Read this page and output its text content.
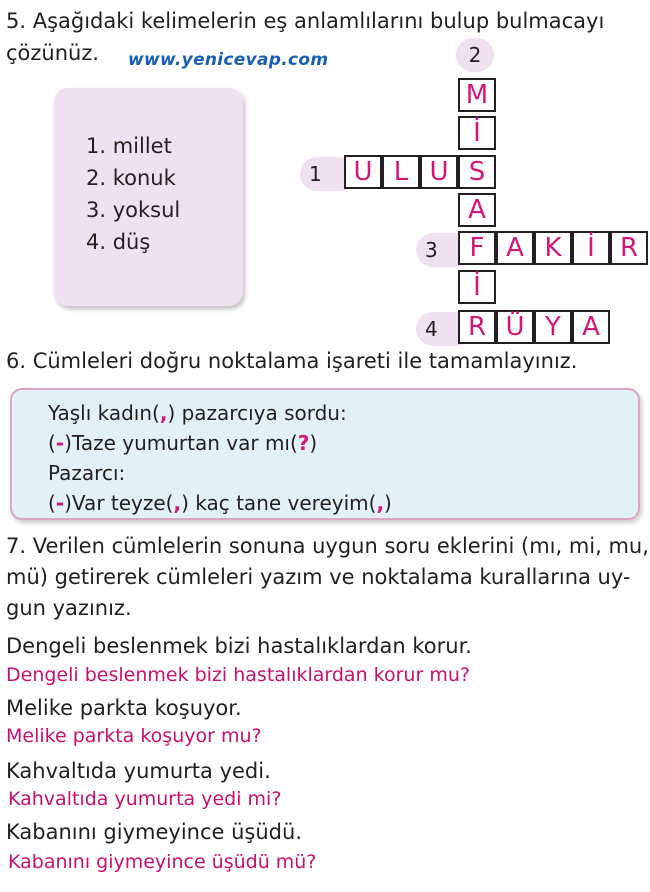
5. Aşağıdaki kelimelerin eş anlamlılarını bulup bulmacayı
çözünüz. www.yenicevap.com
1. millet
2. konuk
3. yoksul
4. düş
2
1
3
4
M
İ
S
A
F
İ
R
U L U
A K İ R
Ü Y A
6. Cümleleri doğru noktalama işareti ile tamamlayınız.
Yaşlı kadın(,) pazarcıya sordu:
(-)Taze yumurtan var mı(?)
Pazarcı:
(-)Var teyze(,) kaç tane vereyim(,)
7. Verilen cümlelerin sonuna uygun soru eklerini (mı, mi, mu,
mü) getirerek cümleleri yazım ve noktalama kurallarına uy-
gun yazınız.
Dengeli beslenmek bizi hastalıklardan korur.
Dengeli beslenmek bizi hastalıklardan korur mu?
Melike parkta koşuyor.
Melike parkta koşuyor mu?
Kahvaltıda yumurta yedi.
Kahvaltıda yumurta yedi mi?
Kabanını giymeyince üşüdü.
Kabanını giymeyince üşüdü mü?
